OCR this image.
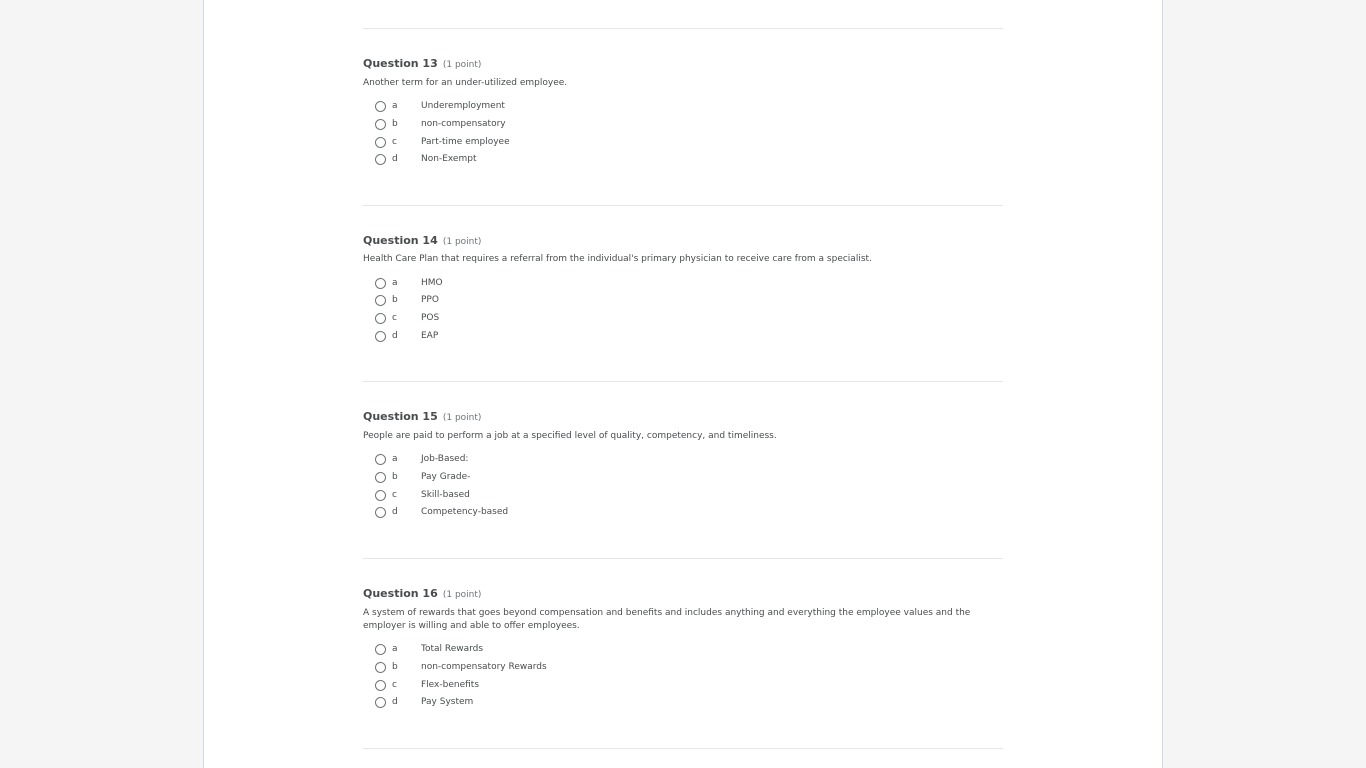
Question 13 (1 point)
Another term for an under-utilized employee.
a	Underemployment
b	non-compensatory
c	Part-time employee
d	Non-Exempt
Question 14 (1 point)
Health Care Plan that requires a referral from the individual's primary physician to receive care from a specialist.
a	HMO
b	PPO
c	POS
d	EAP
Question 15 (1 point)
People are paid to perform a job at a specified level of quality, competency, and timeliness.
a	Job-Based:
b	Pay Grade-
c	Skill-based
d	Competency-based
Question 16 (1 point)
A system of rewards that goes beyond compensation and benefits and includes anything and everything the employee values and the employer is willing and able to offer employees.
a	Total Rewards
b	non-compensatory Rewards
c	Flex-benefits
d	Pay System
